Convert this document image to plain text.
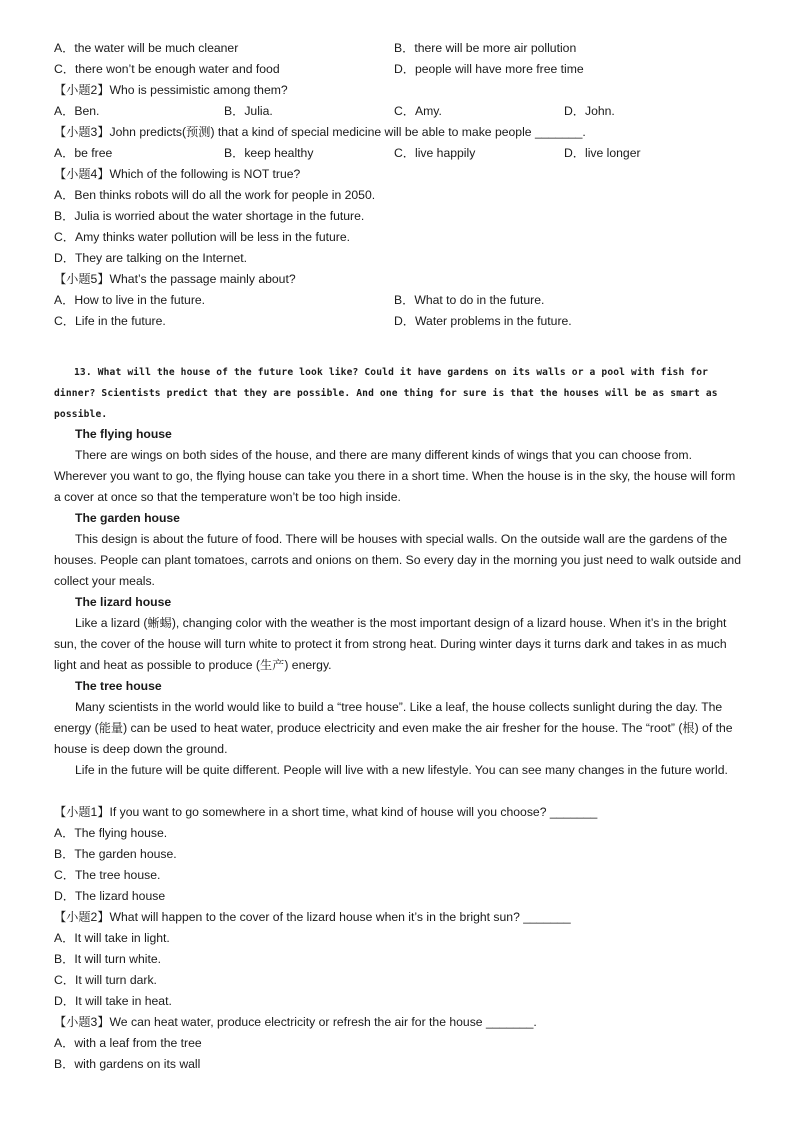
A．the water will be much cleaner	B．there will be more air pollution
C．there won’t be enough water and food	D．people will have more free time
【小题2】Who is pessimistic among them?
A．Ben.	B．Julia.	C．Amy.	D．John.
【小题3】John predicts(预测) that a kind of special medicine will be able to make people _______.
A．be free	B．keep healthy	C．live happily	D．live longer
【小题4】Which of the following is NOT true?
A．Ben thinks robots will do all the work for people in 2050.
B．Julia is worried about the water shortage in the future.
C．Amy thinks water pollution will be less in the future.
D．They are talking on the Internet.
【小题5】What’s the passage mainly about?
A．How to live in the future.	B．What to do in the future.
C．Life in the future.	D．Water problems in the future.
13. What will the house of the future look like? Could it have gardens on its walls or a pool with fish for
dinner? Scientists predict that they are possible. And one thing for sure is that the houses will be as smart as
possible.
The flying house
There are wings on both sides of the house, and there are many different kinds of wings that you can choose from. Wherever you want to go, the flying house can take you there in a short time. When the house is in the sky, the house will form a cover at once so that the temperature won’t be too high inside.
The garden house
This design is about the future of food. There will be houses with special walls. On the outside wall are the gardens of the houses. People can plant tomatoes, carrots and onions on them. So every day in the morning you just need to walk outside and collect your meals.
The lizard house
Like a lizard (蜥蜴), changing color with the weather is the most important design of a lizard house. When it’s in the bright sun, the cover of the house will turn white to protect it from strong heat. During winter days it turns dark and takes in as much light and heat as possible to produce (生产) energy.
The tree house
Many scientists in the world would like to build a “tree house”. Like a leaf, the house collects sunlight during the day. The energy (能量) can be used to heat water, produce electricity and even make the air fresher for the house. The “root” (根) of the house is deep down the ground.
Life in the future will be quite different. People will live with a new lifestyle. You can see many changes in the future world.
【小题1】If you want to go somewhere in a short time, what kind of house will you choose? _______
A．The flying house.
B．The garden house.
C．The tree house.
D．The lizard house
【小题2】What will happen to the cover of the lizard house when it’s in the bright sun? _______
A．It will take in light.
B．It will turn white.
C．It will turn dark.
D．It will take in heat.
【小题3】We can heat water, produce electricity or refresh the air for the house _______.
A．with a leaf from the tree
B．with gardens on its wall
